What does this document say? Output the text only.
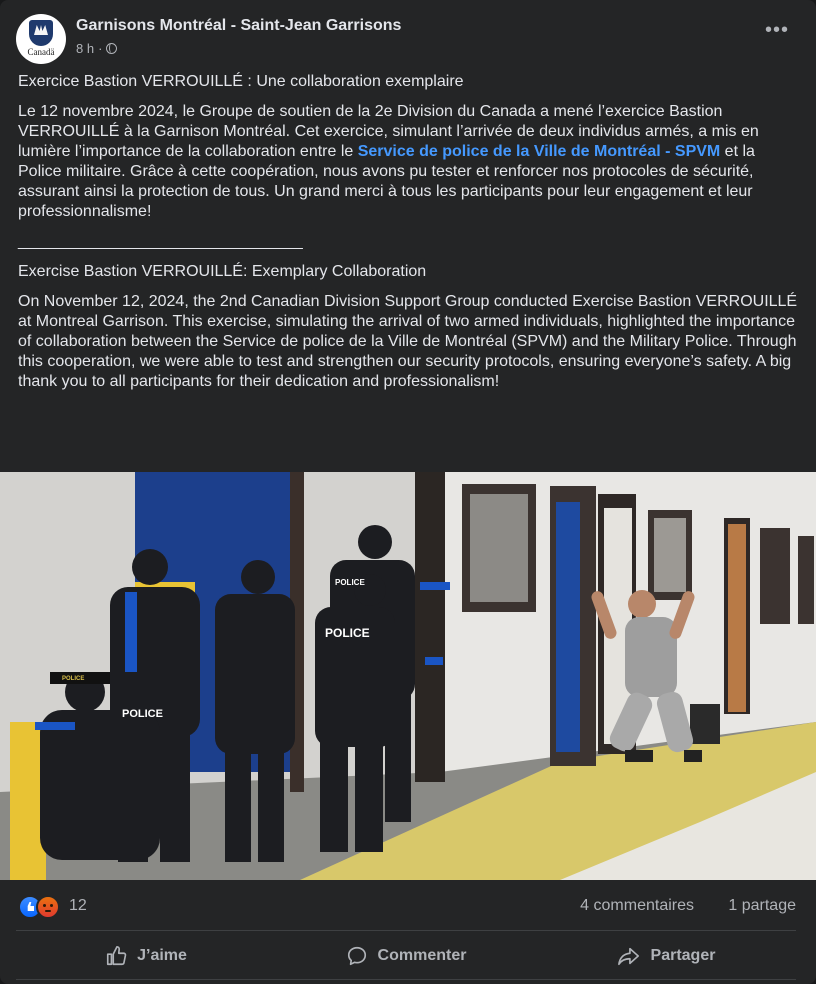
Canadä
Garnisons Montréal - Saint-Jean Garrisons
8 h ·
•••

Exercice Bastion VERROUILLÉ : Une collaboration exemplaire

Le 12 novembre 2024, le Groupe de soutien de la 2e Division du Canada a mené l’exercice Bastion VERROUILLÉ à la Garnison Montréal. Cet exercice, simulant l’arrivée de deux individus armés, a mis en lumière l’importance de la collaboration entre le Service de police de la Ville de Montréal - SPVM et la Police militaire. Grâce à cette coopération, nous avons pu tester et renforcer nos protocoles de sécurité, assurant ainsi la protection de tous. Un grand merci à tous les participants pour leur engagement et leur professionnalisme!

________________________________

Exercise Bastion VERROUILLÉ: Exemplary Collaboration

On November 12, 2024, the 2nd Canadian Division Support Group conducted Exercise Bastion VERROUILLÉ at Montreal Garrison. This exercise, simulating the arrival of two armed individuals, highlighted the importance of collaboration between the Service de police de la Ville de Montréal (SPVM) and the Military Police. Through this cooperation, we were able to test and strengthen our security protocols, ensuring everyone’s safety. A big thank you to all participants for their dedication and professionalism!

POLICE
POLICE
POLICE
POLICE
12	4 commentaires 1 partage
J’aime	Commenter	Partager
